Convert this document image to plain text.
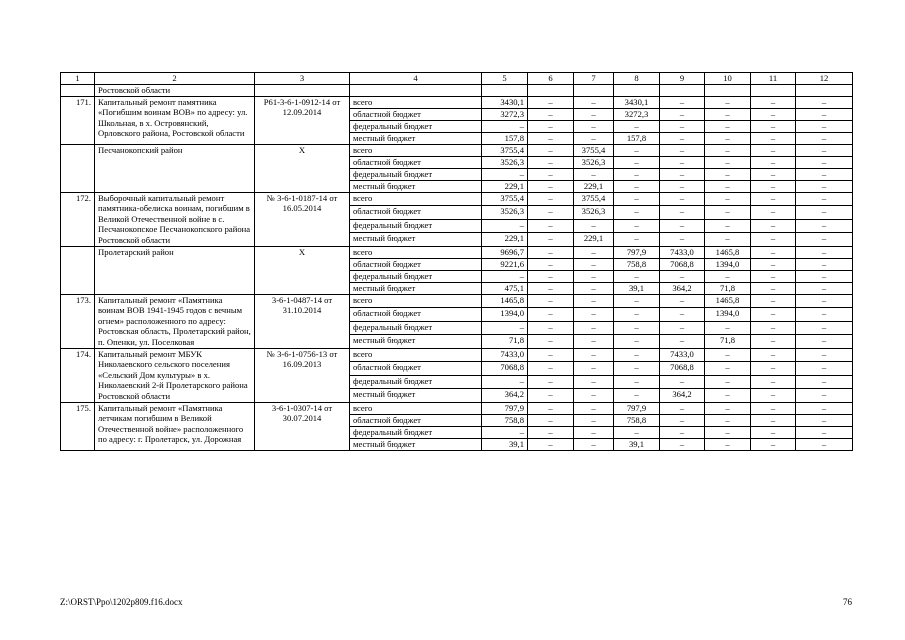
1	2	3	4	5	6	7	8	9	10	11	12
	Ростовской области										
171.	Капитальный ремонт памятника «Погибшим воинам ВОВ» по адресу: ул. Школьная, в х. Островянский, Орловского района, Ростовской области	Р61-3-6-1-0912-14 от 12.09.2014	всего	3430,1	–	–	3430,1	–	–	–	–
			областной бюджет	3272,3	–	–	3272,3	–	–	–	–
			федеральный бюджет	–	–	–	–	–	–	–	–
			местный бюджет	157,8	–	–	157,8	–	–	–	–
	Песчанокопский район	Х	всего	3755,4	–	3755,4	–	–	–	–	–
			областной бюджет	3526,3	–	3526,3	–	–	–	–	–
			федеральный бюджет	–	–	–	–	–	–	–	–
			местный бюджет	229,1	–	229,1	–	–	–	–	–
172.	Выборочный капитальный ремонт памятника-обелиска воинам, погибшим в Великой Отечественной войне в с. Песчанокопское Песчанокопского района Ростовской области	№ 3-6-1-0187-14 от 16.05.2014	всего	3755,4	–	3755,4	–	–	–	–	–
			областной бюджет	3526,3	–	3526,3	–	–	–	–	–
			федеральный бюджет	–	–	–	–	–	–	–	–
			местный бюджет	229,1	–	229,1	–	–	–	–	–
	Пролетарский район	Х	всего	9696,7	–	–	797,9	7433,0	1465,8	–	–
			областной бюджет	9221,6	–	–	758,8	7068,8	1394,0	–	–
			федеральный бюджет	–	–	–	–	–	–	–	–
			местный бюджет	475,1	–	–	39,1	364,2	71,8	–	–
173.	Капитальный ремонт «Памятника воинам ВОВ 1941-1945 годов с вечным огнем» расположенного по адресу: Ростовская область, Пролетарский район, п. Опенки, ул. Поселковая	3-6-1-0487-14 от 31.10.2014	всего	1465,8	–	–	–	–	1465,8	–	–
			областной бюджет	1394,0	–	–	–	–	1394,0	–	–
			федеральный бюджет	–	–	–	–	–	–	–	–
			местный бюджет	71,8	–	–	–	–	71,8	–	–
174.	Капитальный ремонт МБУК Николаевского сельского поселения «Сельский Дом культуры» в х. Николаевский 2-й Пролетарского района Ростовской области	№ 3-6-1-0756-13 от 16.09.2013	всего	7433,0	–	–	–	7433,0	–	–	–
			областной бюджет	7068,8	–	–	–	7068,8	–	–	–
			федеральный бюджет	–	–	–	–	–	–	–	–
			местный бюджет	364,2	–	–	–	364,2	–	–	–
175.	Капитальный ремонт «Памятника летчикам погибшим в Великой Отечественной войне» расположенного по адресу: г. Пролетарск, ул. Дорожная	3-6-1-0307-14 от 30.07.2014	всего	797,9	–	–	797,9	–	–	–	–
			областной бюджет	758,8	–	–	758,8	–	–	–	–
			федеральный бюджет	–	–	–	–	–	–	–	–
			местный бюджет	39,1	–	–	39,1	–	–	–	–
Z:\ORST\Ppo\1202p809.f16.docx	76
